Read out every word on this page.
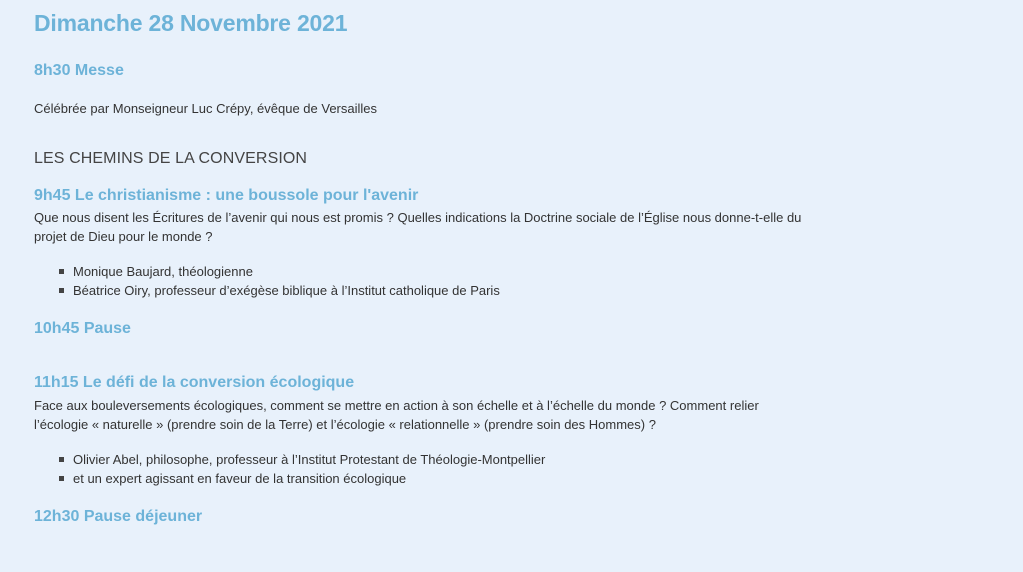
Dimanche 28 Novembre 2021
8h30 Messe

Célébrée par Monseigneur Luc Crépy, évêque de Versailles

LES CHEMINS DE LA CONVERSION
9h45 Le christianisme : une boussole pour l'avenir

Que nous disent les Écritures de l’avenir qui nous est promis ? Quelles indications la Doctrine sociale de l’Église nous donne-t-elle du

projet de Dieu pour le monde ?

Monique Baujard, théologienne
Béatrice Oiry, professeur d’exégèse biblique à l’Institut catholique de Paris
10h45 Pause
11h15 Le défi de la conversion écologique

Face aux bouleversements écologiques, comment se mettre en action à son échelle et à l’échelle du monde ? Comment relier

l’écologie « naturelle » (prendre soin de la Terre) et l’écologie « relationnelle » (prendre soin des Hommes) ?

Olivier Abel, philosophe, professeur à l’Institut Protestant de Théologie-Montpellier
et un expert agissant en faveur de la transition écologique
12h30 Pause déjeuner
